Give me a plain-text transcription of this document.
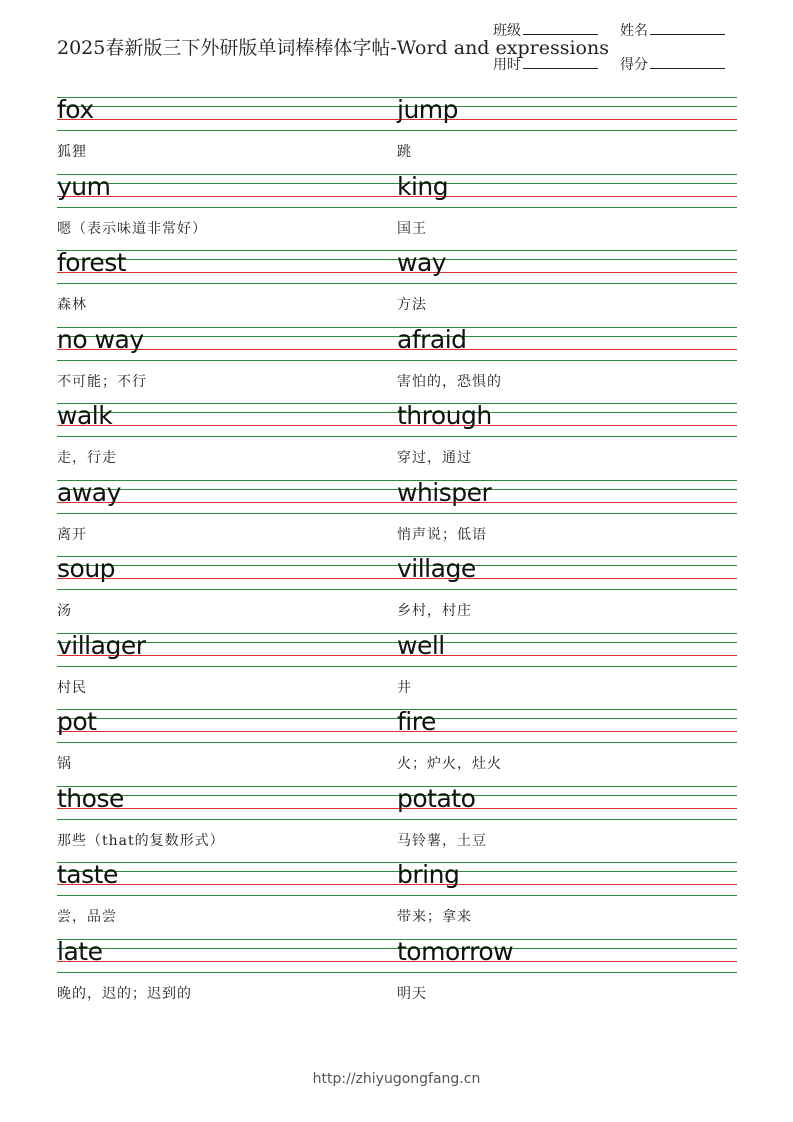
2025春新版三下外研版单词棒棒体字帖-Word and expressions
班级	姓名
用时	得分
fox
狐狸
jump
跳
yum
嗯（表示味道非常好）
king
国王
forest
森林
way
方法
no way
不可能；不行
afraid
害怕的，恐惧的
walk
走，行走
through
穿过，通过
away
离开
whisper
悄声说；低语
soup
汤
village
乡村，村庄
villager
村民
well
井
pot
锅
fire
火；炉火，灶火
those
那些（that的复数形式）
potato
马铃薯，土豆
taste
尝，品尝
bring
带来；拿来
late
晚的，迟的；迟到的
tomorrow
明天
http://zhiyugongfang.cn
